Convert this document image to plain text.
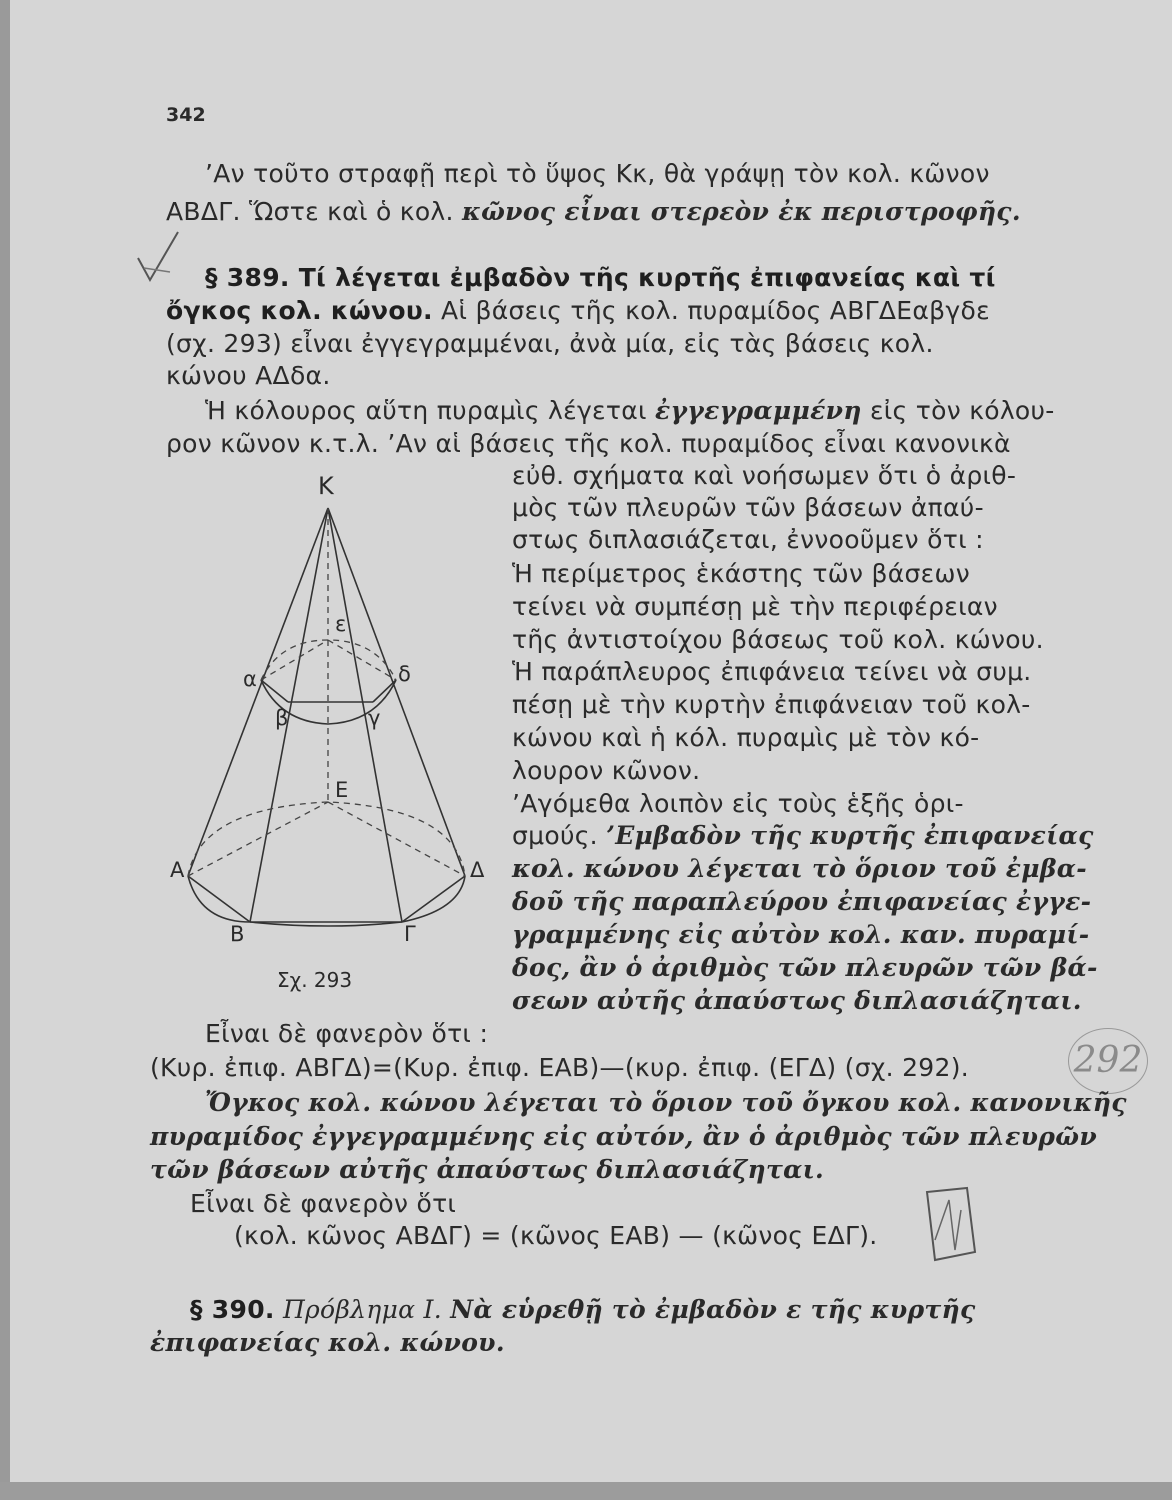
342
’Αν τοῦτο στραφῇ περὶ τὸ ὕψος Κκ, θὰ γράψῃ τὸν κολ. κῶνον
ΑΒΔΓ. Ὥστε καὶ ὁ κολ. κῶνος εἶναι στερεὸν ἐκ περιστροφῆς.
§ 389. Τί λέγεται ἐμβαδὸν τῆς κυρτῆς ἐπιφανείας καὶ τί
ὄγκος κολ. κώνου. Αἱ βάσεις τῆς κολ. πυραμίδος ΑΒΓΔΕαβγδε
(σχ. 293) εἶναι ἐγγεγραμμέναι, ἀνὰ μία, εἰς τὰς βάσεις κολ.
κώνου ΑΔδα.
Ἡ κόλουρος αὕτη πυραμὶς λέγεται ἐγγεγραμμένη εἰς τὸν κόλου-
ρον κῶνον κ.τ.λ. ’Αν αἱ βάσεις τῆς κολ. πυραμίδος εἶναι κανονικὰ
εὐθ. σχήματα καὶ νοήσωμεν ὅτι ὁ ἀριθ-
μὸς τῶν πλευρῶν τῶν βάσεων ἀπαύ-
στως διπλασιάζεται, ἐννοοῦμεν ὅτι :
Ἡ περίμετρος ἑκάστης τῶν βάσεων
τείνει νὰ συμπέσῃ μὲ τὴν περιφέρειαν
τῆς ἀντιστοίχου βάσεως τοῦ κολ. κώνου.
Ἡ παράπλευρος ἐπιφάνεια τείνει νὰ συμ.
πέσῃ μὲ τὴν κυρτὴν ἐπιφάνειαν τοῦ κολ-
κώνου καὶ ἡ κόλ. πυραμὶς μὲ τὸν κό-
λουρον κῶνον.
’Αγόμεθα λοιπὸν εἰς τοὺς ἑξῆς ὁρι-
σμούς. ’Εμβαδὸν τῆς κυρτῆς ἐπιφανείας
κολ. κώνου λέγεται τὸ ὅριον τοῦ ἐμβα-
δοῦ τῆς παραπλεύρου ἐπιφανείας ἐγγε-
γραμμένης εἰς αὐτὸν κολ. καν. πυραμί-
δος, ἂν ὁ ἀριθμὸς τῶν πλευρῶν τῶν βά-
σεων αὐτῆς ἀπαύστως διπλασιάζηται.
Κ
ε
α	δ
β	γ
Ε
Α	Δ
Β	Γ
Σχ. 293
Εἶναι δὲ φανερὸν ὅτι :
(Κυρ. ἐπιφ. ΑΒΓΔ)=(Κυρ. ἐπιφ. ΕΑΒ)—(κυρ. ἐπιφ. (ΕΓΔ) (σχ. 292).	292
Ὄγκος κολ. κώνου λέγεται τὸ ὅριον τοῦ ὄγκου κολ. κανονικῆς
πυραμίδος ἐγγεγραμμένης εἰς αὐτόν, ἂν ὁ ἀριθμὸς τῶν πλευρῶν
τῶν βάσεων αὐτῆς ἀπαύστως διπλασιάζηται.
Εἶναι δὲ φανερὸν ὅτι
(κολ. κῶνος ΑΒΔΓ) = (κῶνος ΕΑΒ) — (κῶνος ΕΔΓ).
§ 390. Πρόβλημα Ι. Νὰ εὑρεθῇ τὸ ἐμβαδὸν ε τῆς κυρτῆς
ἐπιφανείας κολ. κώνου.
